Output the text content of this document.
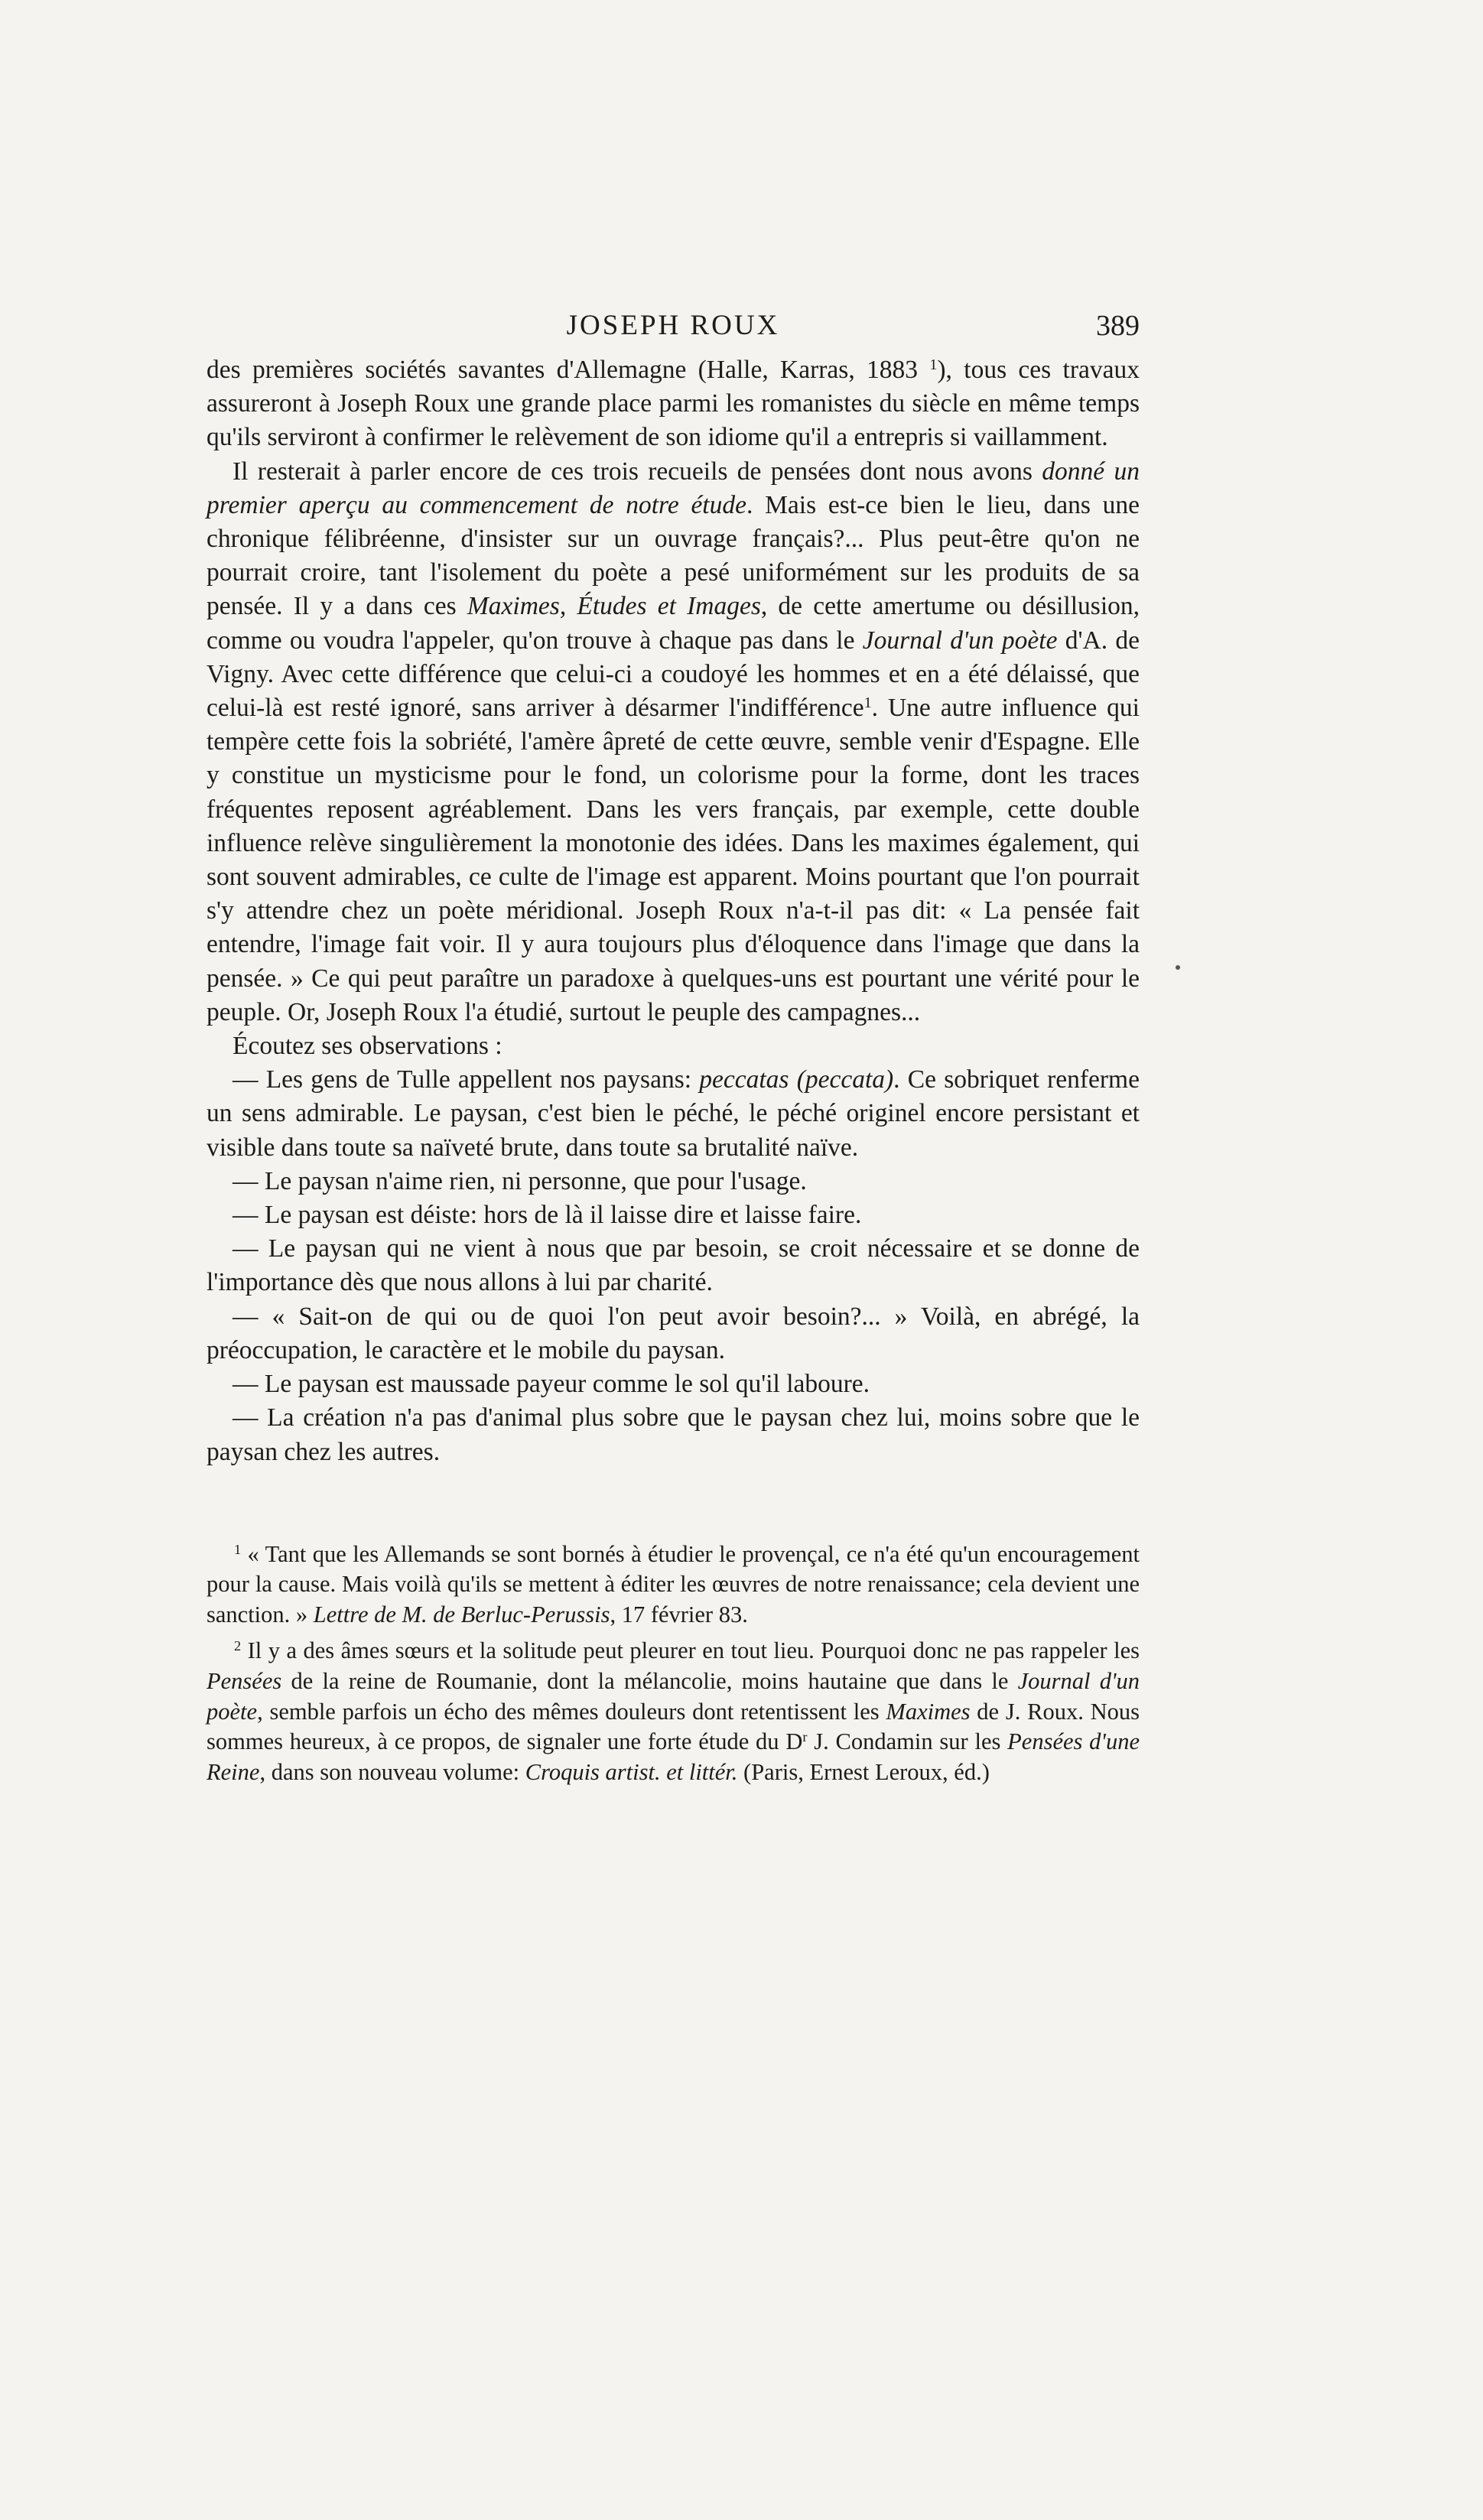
JOSEPH ROUX	389

des premières sociétés savantes d'Allemagne (Halle, Karras, 1883 $^1$), tous ces travaux assureront à Joseph Roux une grande place parmi les romanistes du siècle en même temps qu'ils serviront à confirmer le relèvement de son idiome qu'il a entrepris si vaillamment.

Il resterait à parler encore de ces trois recueils de pensées dont nous avons donné un premier aperçu au commencement de notre étude. Mais est-ce bien le lieu, dans une chronique félibréenne, d'insister sur un ouvrage français?... Plus peut-être qu'on ne pourrait croire, tant l'isolement du poète a pesé uniformément sur les produits de sa pensée. Il y a dans ces Maximes, Études et Images, de cette amertume ou désillusion, comme ou voudra l'appeler, qu'on trouve à chaque pas dans le Journal d'un poète d'A. de Vigny. Avec cette différence que celui-ci a coudoyé les hommes et en a été délaissé, que celui-là est resté ignoré, sans arriver à désarmer l'indifférence$^1$. Une autre influence qui tempère cette fois la sobriété, l'amère âpreté de cette œuvre, semble venir d'Espagne. Elle y constitue un mysticisme pour le fond, un colorisme pour la forme, dont les traces fréquentes reposent agréablement. Dans les vers français, par exemple, cette double influence relève singulièrement la monotonie des idées. Dans les maximes également, qui sont souvent admirables, ce culte de l'image est apparent. Moins pourtant que l'on pourrait s'y attendre chez un poète méridional. Joseph Roux n'a-t-il pas dit: « La pensée fait entendre, l'image fait voir. Il y aura toujours plus d'éloquence dans l'image que dans la pensée. » Ce qui peut paraître un paradoxe à quelques-uns est pourtant une vérité pour le peuple. Or, Joseph Roux l'a étudié, surtout le peuple des campagnes...

Écoutez ses observations :

— Les gens de Tulle appellent nos paysans: peccatas (peccata). Ce sobriquet renferme un sens admirable. Le paysan, c'est bien le péché, le péché originel encore persistant et visible dans toute sa naïveté brute, dans toute sa brutalité naïve.

— Le paysan n'aime rien, ni personne, que pour l'usage.

— Le paysan est déiste: hors de là il laisse dire et laisse faire.

— Le paysan qui ne vient à nous que par besoin, se croit nécessaire et se donne de l'importance dès que nous allons à lui par charité.

— « Sait-on de qui ou de quoi l'on peut avoir besoin?... » Voilà, en abrégé, la préoccupation, le caractère et le mobile du paysan.

— Le paysan est maussade payeur comme le sol qu'il laboure.

— La création n'a pas d'animal plus sobre que le paysan chez lui, moins sobre que le paysan chez les autres.

$^1$ « Tant que les Allemands se sont bornés à étudier le provençal, ce n'a été qu'un encouragement pour la cause. Mais voilà qu'ils se mettent à éditer les œuvres de notre renaissance; cela devient une sanction. » Lettre de M. de Berluc-Perussis, 17 février 83.

$^2$ Il y a des âmes sœurs et la solitude peut pleurer en tout lieu. Pourquoi donc ne pas rappeler les Pensées de la reine de Roumanie, dont la mélancolie, moins hautaine que dans le Journal d'un poète, semble parfois un écho des mêmes douleurs dont retentissent les Maximes de J. Roux. Nous sommes heureux, à ce propos, de signaler une forte étude du $D^r$ J. Condamin sur les Pensées d'une Reine, dans son nouveau volume: Croquis artist. et littér. (Paris, Ernest Leroux, éd.)
